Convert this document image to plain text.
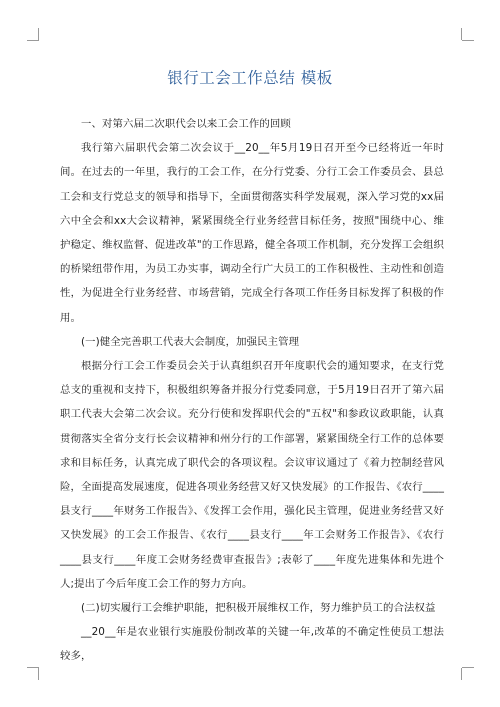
银行工会工作总结 模板

一、对第六届二次职代会以来工会工作的回顾

我行第六届职代会第二次会议于__20__年5月19日召开至今已经将近一年时间。在过去的一年里，我行的工会工作，在分行党委、分行工会工作委员会、县总工会和支行党总支的领导和指导下，全面贯彻落实科学发展观，深入学习党的xx届六中全会和xx大会议精神，紧紧围绕全行业务经营目标任务，按照"围绕中心、维护稳定、维权监督、促进改革"的工作思路，健全各项工作机制，充分发挥工会组织的桥梁纽带作用，为员工办实事，调动全行广大员工的工作积极性、主动性和创造性，为促进全行业务经营、市场营销，完成全行各项工作任务目标发挥了积极的作用。

(一)健全完善职工代表大会制度，加强民主管理

根据分行工会工作委员会关于认真组织召开年度职代会的通知要求，在支行党总支的重视和支持下，积极组织筹备并报分行党委同意，于5月19日召开了第六届职工代表大会第二次会议。充分行使和发挥职代会的"五权"和参政议政职能，认真贯彻落实全省分支行长会议精神和州分行的工作部署，紧紧围绕全行工作的总体要求和目标任务，认真完成了职代会的各项议程。会议审议通过了《着力控制经营风险，全面提高发展速度，促进各项业务经营又好又快发展》的工作报告、《农行____县支行____年财务工作报告》、《发挥工会作用，强化民主管理，促进业务经营又好又快发展》的工会工作报告、《农行____县支行____年工会财务工作报告》、《农行____县支行____年度工会财务经费审查报告》;表彰了____年度先进集体和先进个人;提出了今后年度工会工作的努力方向。

(二)切实履行工会维护职能，把积极开展维权工作，努力维护员工的合法权益

__20__年是农业银行实施股份制改革的关键一年,改革的不确定性使员工想法较多，
